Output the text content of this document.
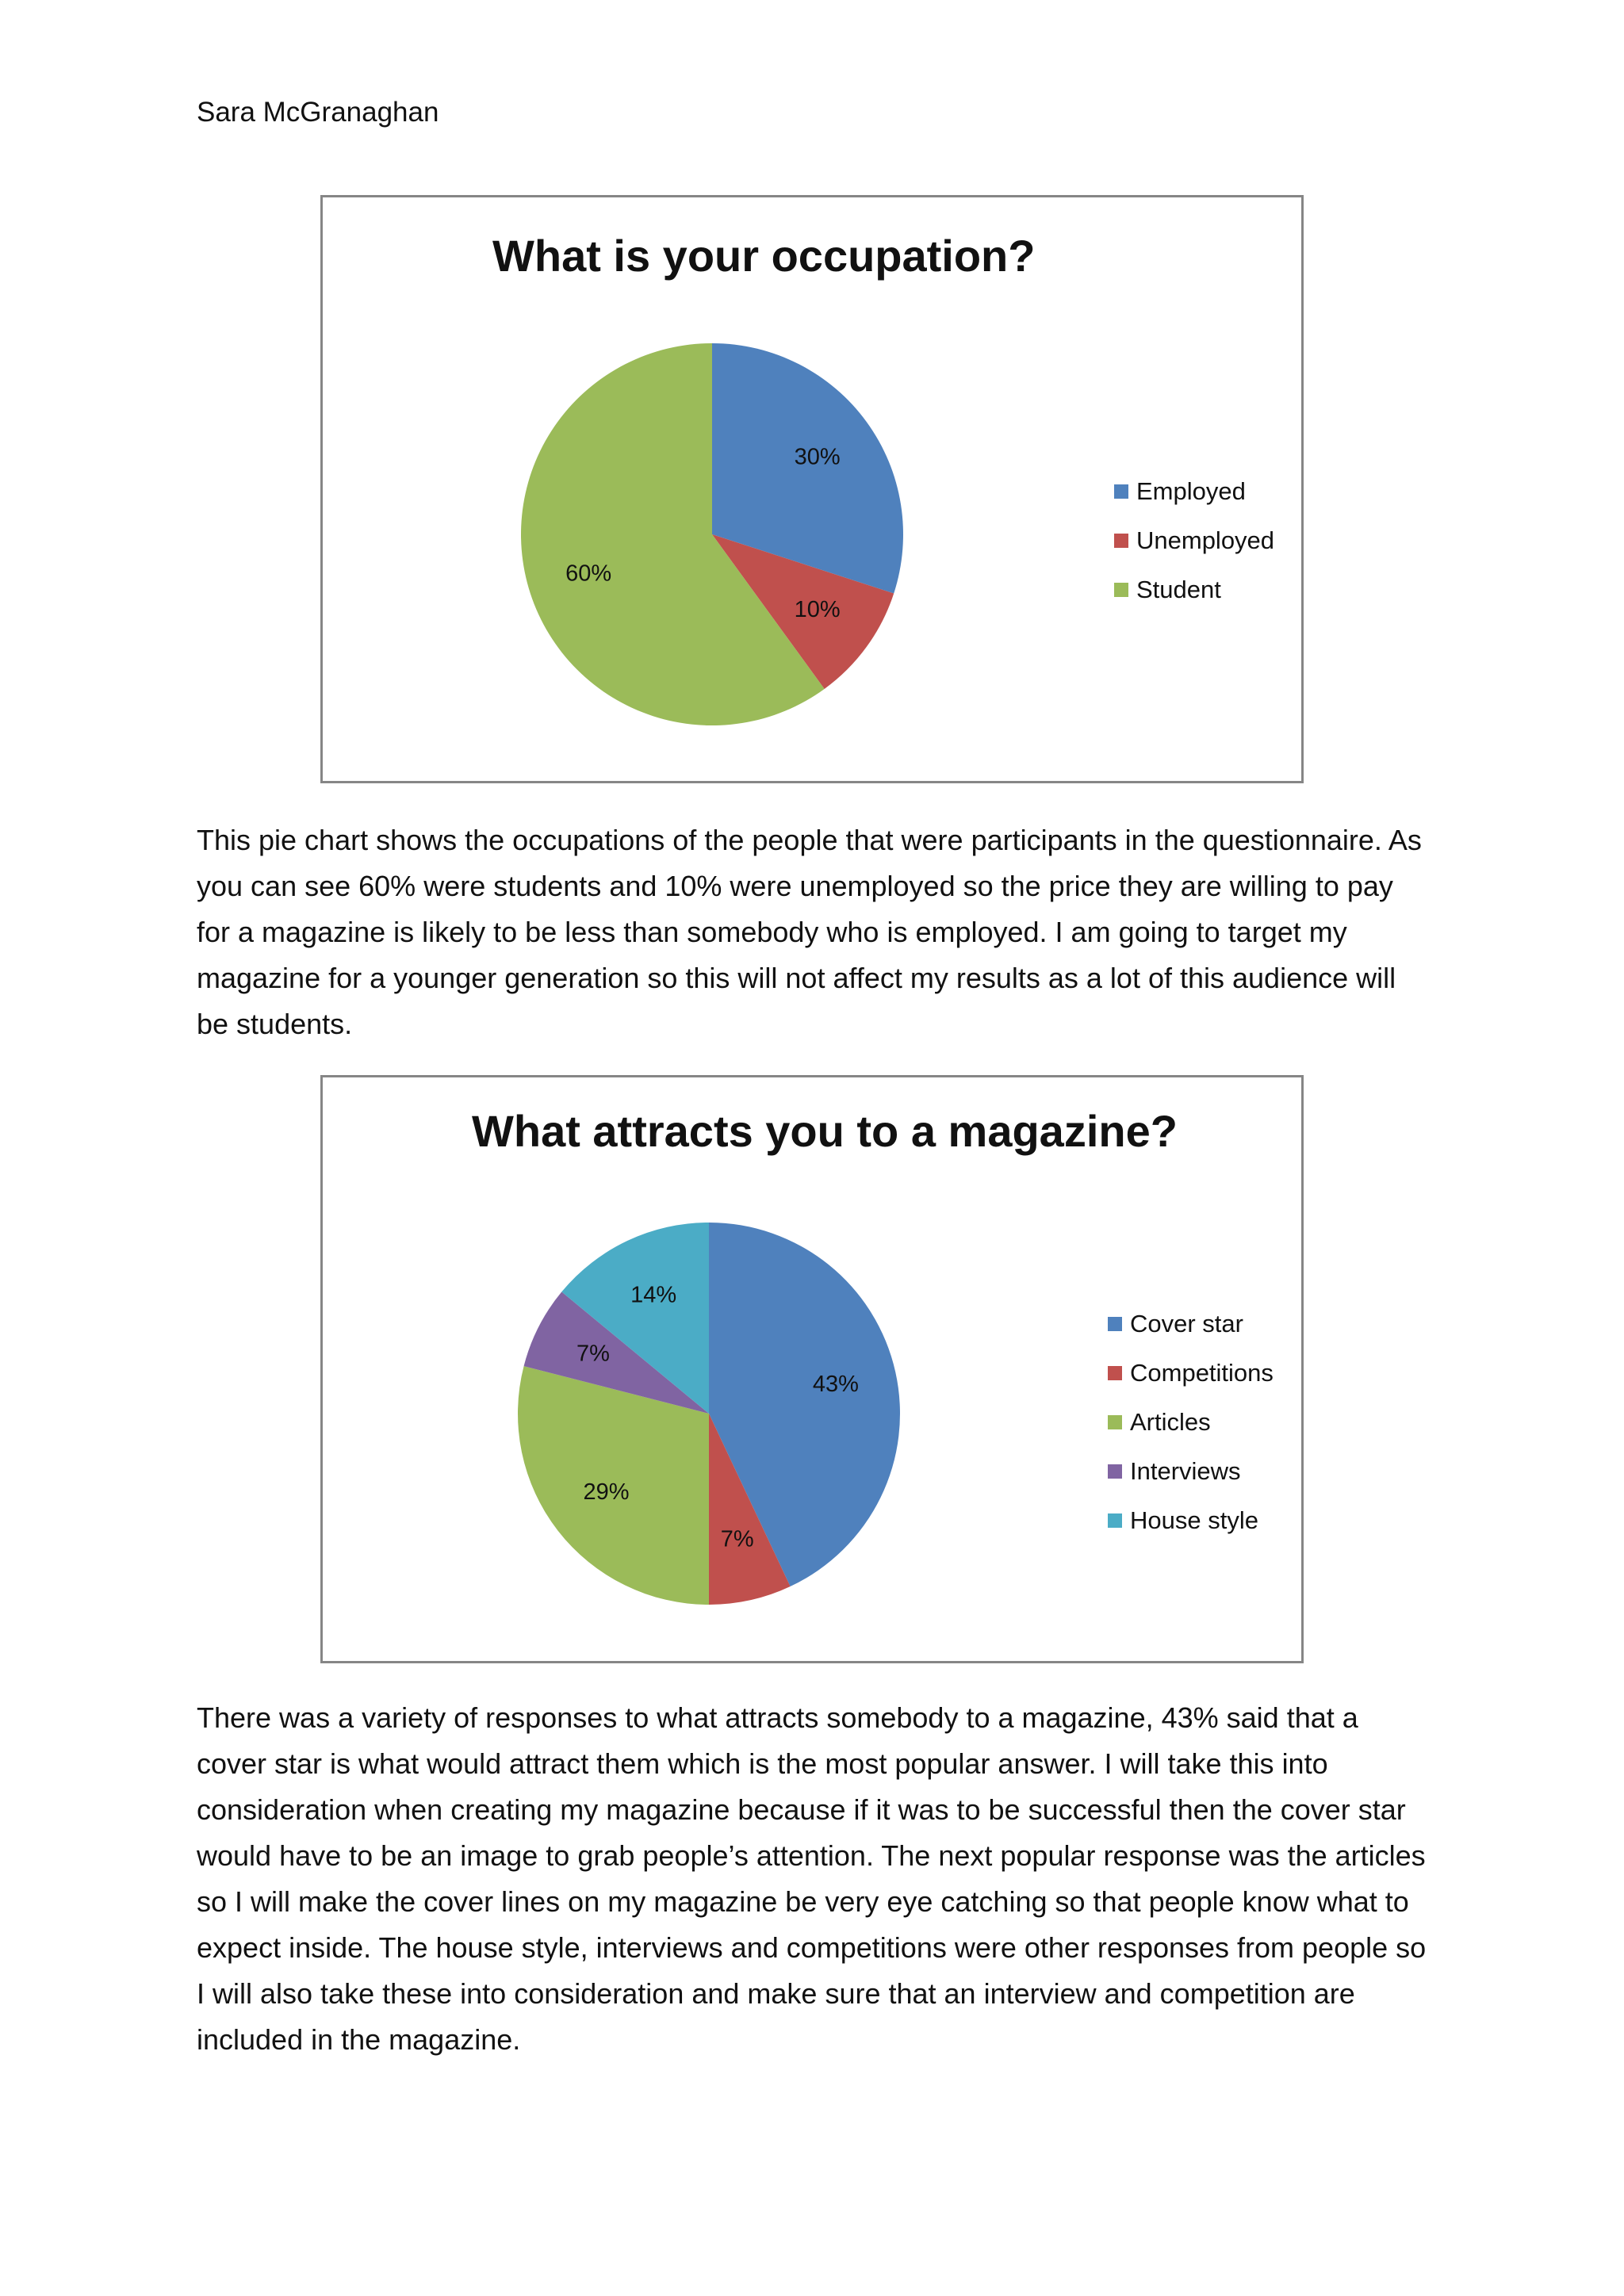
Sara McGranaghan
What is your occupation?
30%
10%
60%
Employed
Unemployed
Student

This pie chart shows the occupations of the people that were participants in the questionnaire. As you can see 60% were students and 10% were unemployed so the price they are willing to pay for a magazine is likely to be less than somebody who is employed. I am going to target my magazine for a younger generation so this will not affect my results as a lot of this audience will be students.

What attracts you to a magazine?
43%
7%
29%
7%
14%
Cover star
Competitions
Articles
Interviews
House style

There was a variety of responses to what attracts somebody to a magazine, 43% said that a cover star is what would attract them which is the most popular answer. I will take this into consideration when creating my magazine because if it was to be successful then the cover star would have to be an image to grab people’s attention. The next popular response was the articles so I will make the cover lines on my magazine be very eye catching so that people know what to expect inside. The house style, interviews and competitions were other responses from people so I will also take these into consideration and make sure that an interview and competition are included in the magazine.
